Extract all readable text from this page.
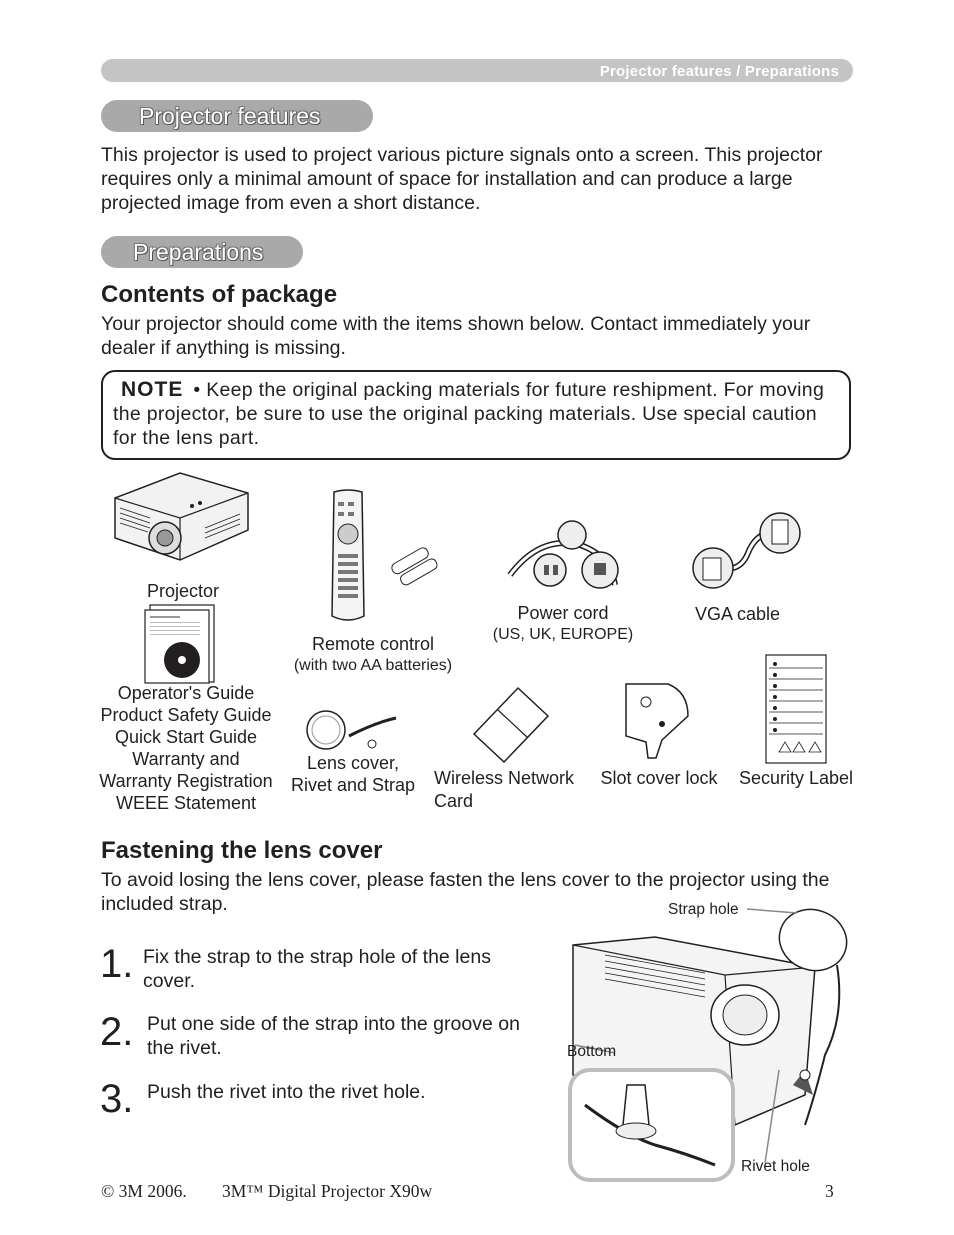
Projector features / Preparations
Projector features
This projector is used to project various picture signals onto a screen. This projector requires only a minimal amount of space for installation and can produce a large projected image from even a short distance.
Preparations
Contents of package
Your projector should come with the items shown below. Contact immediately your dealer if anything is missing.
NOTE • Keep the original packing materials for future reshipment. For moving the projector, be sure to use the original packing materials. Use special caution for the lens part.
Projector
Remote control
(with two AA batteries)
Power cord
(US, UK, EUROPE)
VGA cable
Operator's Guide
Product Safety Guide
Quick Start Guide
Warranty and
Warranty Registration
WEEE Statement
Lens cover,
Rivet and Strap	Wireless Network
Card
Slot cover lock	Security Label
Fastening the lens cover
To avoid losing the lens cover, please fasten the lens cover to the projector using the included strap.
1. Fix the strap to the strap hole of the lens cover.
2. Put one side of the strap into the groove on the rivet.
3. Push the rivet into the rivet hole.
Strap hole
Bottom
Rivet hole
© 3M 2006. 3M™ Digital Projector X90w	3
